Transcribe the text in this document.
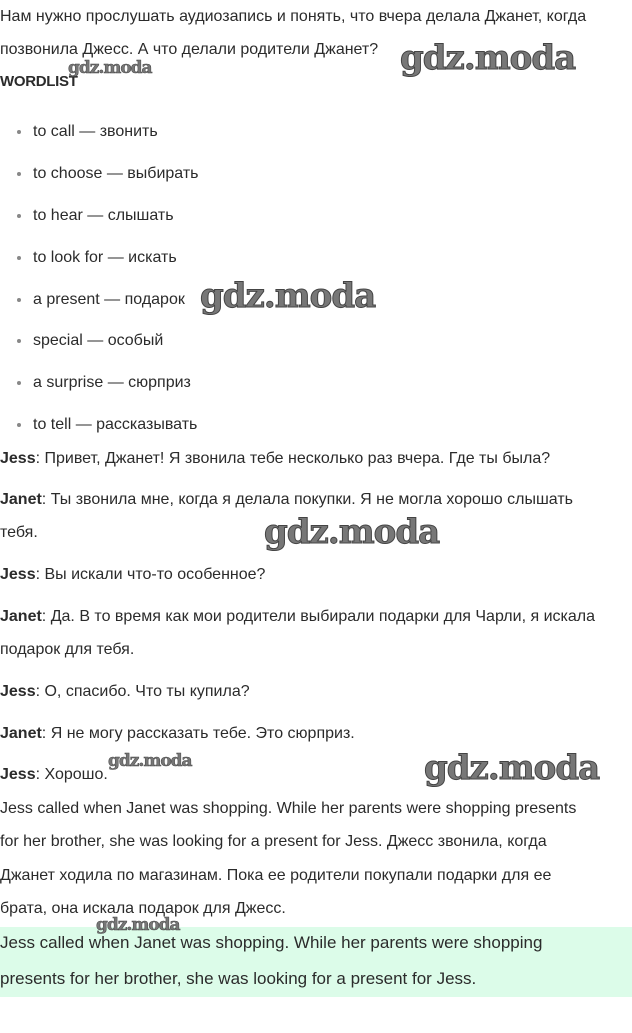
Нам нужно прослушать аудиозапись и понять, что вчера делала Джанет, когда
позвонила Джесс. А что делали родители Джанет?
WORDLIST
to call — звонить
to choose — выбирать
to hear — слышать
to look for — искать
a present — подарок
special — особый
a surprise — сюрприз
to tell — рассказывать
Jess: Привет, Джанет! Я звонила тебе несколько раз вчера. Где ты была?
Janet: Ты звонила мне, когда я делала покупки. Я не могла хорошо слышать
тебя.
Jess: Вы искали что-то особенное?
Janet: Да. В то время как мои родители выбирали подарки для Чарли, я искала
подарок для тебя.
Jess: О, спасибо. Что ты купила?
Janet: Я не могу рассказать тебе. Это сюрприз.
Jess: Хорошо.
Jess called when Janet was shopping. While her parents were shopping presents
for her brother, she was looking for a present for Jess. Джесс звонила, когда
Джанет ходила по магазинам. Пока ее родители покупали подарки для ее
брата, она искала подарок для Джесс.
Jess called when Janet was shopping. While her parents were shopping
presents for her brother, she was looking for a present for Jess.
gdz.moda
gdz.moda
gdz.moda
gdz.moda
gdz.moda	gdz.moda
gdz.moda
